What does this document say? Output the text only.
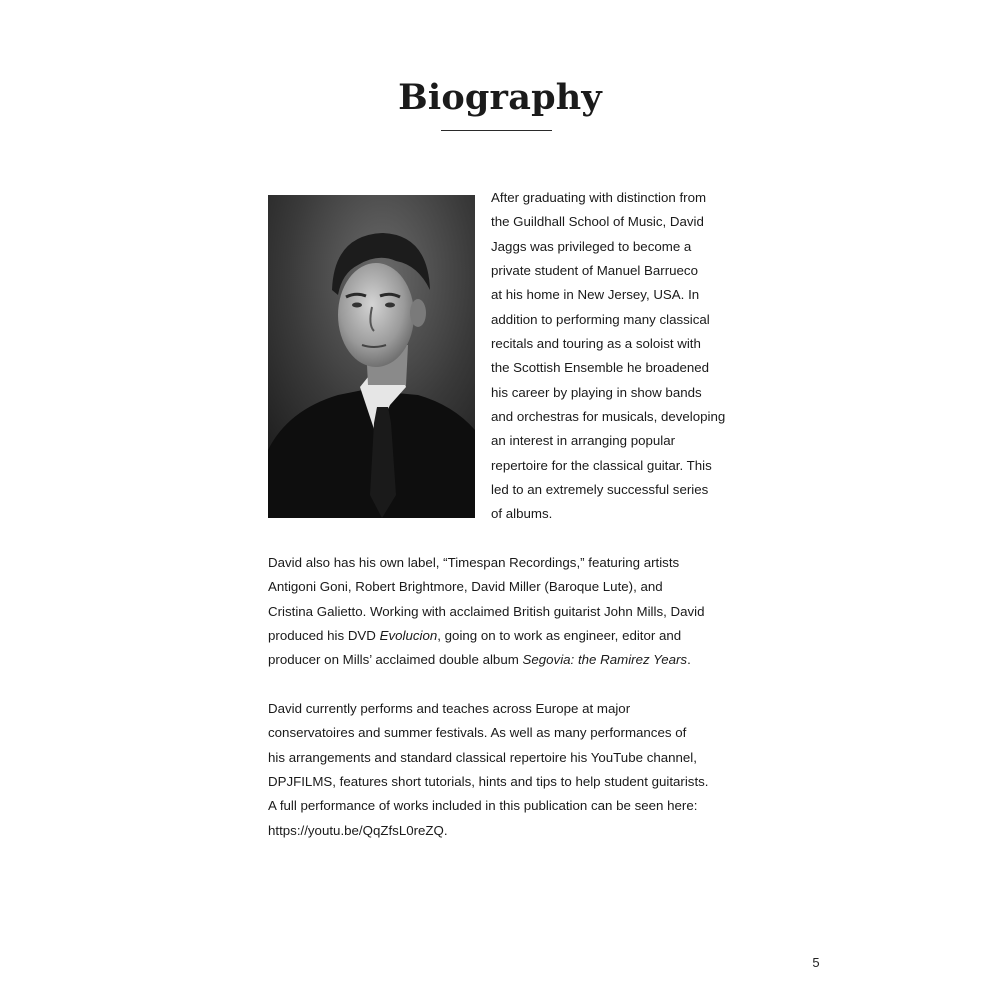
Biography
After graduating with distinction from
the Guildhall School of Music, David
Jaggs was privileged to become a
private student of Manuel Barrueco
at his home in New Jersey, USA. In
addition to performing many classical
recitals and touring as a soloist with
the Scottish Ensemble he broadened
his career by playing in show bands
and orchestras for musicals, developing
an interest in arranging popular
repertoire for the classical guitar. This
led to an extremely successful series
of albums.
David also has his own label, “Timespan Recordings,” featuring artists
Antigoni Goni, Robert Brightmore, David Miller (Baroque Lute), and
Cristina Galietto. Working with acclaimed British guitarist John Mills, David
produced his DVD Evolucion, going on to work as engineer, editor and
producer on Mills’ acclaimed double album Segovia: the Ramirez Years.
David currently performs and teaches across Europe at major
conservatoires and summer festivals. As well as many performances of
his arrangements and standard classical repertoire his YouTube channel,
DPJFILMS, features short tutorials, hints and tips to help student guitarists.
A full performance of works included in this publication can be seen here:
https://youtu.be/QqZfsL0reZQ.
5
